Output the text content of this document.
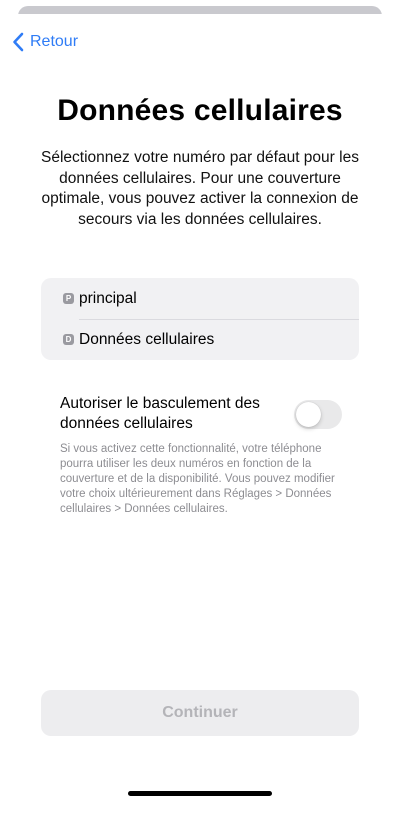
Retour
Données cellulaires
Sélectionnez votre numéro par défaut pour les données cellulaires. Pour une couverture optimale, vous pouvez activer la connexion de secours via les données cellulaires.
P principal
D Données cellulaires
Autoriser le basculement des données cellulaires
Si vous activez cette fonctionnalité, votre téléphone pourra utiliser les deux numéros en fonction de la couverture et de la disponibilité. Vous pouvez modifier votre choix ultérieurement dans Réglages > Données cellulaires > Données cellulaires.
Continuer
